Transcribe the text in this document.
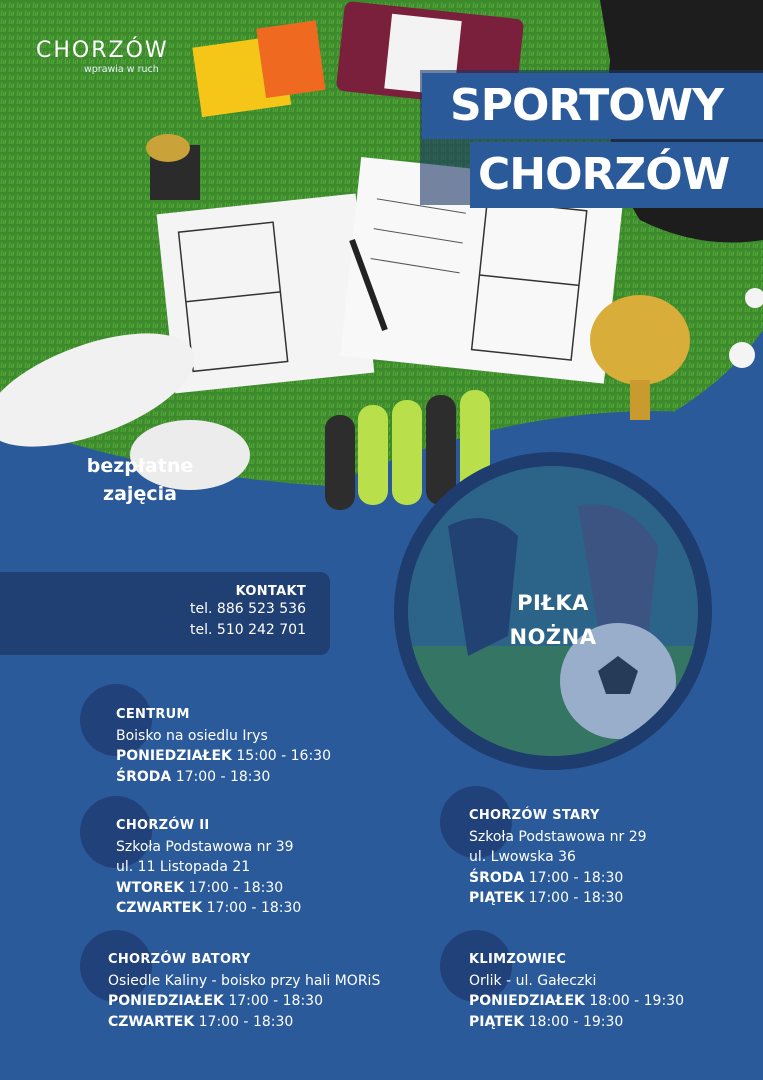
CHORZÓW
wprawia w ruch
SPORTOWY
CHORZÓW
bezpłatne
zajęcia
KONTAKT
tel. 886 523 536
tel. 510 242 701
PIŁKA
NOŻNA
CENTRUM
Boisko na osiedlu Irys
PONIEDZIAŁEK 15:00 - 16:30
ŚRODA 17:00 - 18:30
CHORZÓW II
Szkoła Podstawowa nr 39
ul. 11 Listopada 21
WTOREK 17:00 - 18:30
CZWARTEK 17:00 - 18:30
CHORZÓW BATORY
Osiedle Kaliny - boisko przy hali MORiS
PONIEDZIAŁEK 17:00 - 18:30
CZWARTEK 17:00 - 18:30
CHORZÓW STARY
Szkoła Podstawowa nr 29
ul. Lwowska 36
ŚRODA 17:00 - 18:30
PIĄTEK 17:00 - 18:30
KLIMZOWIEC
Orlik - ul. Gałeczki
PONIEDZIAŁEK 18:00 - 19:30
PIĄTEK 18:00 - 19:30
